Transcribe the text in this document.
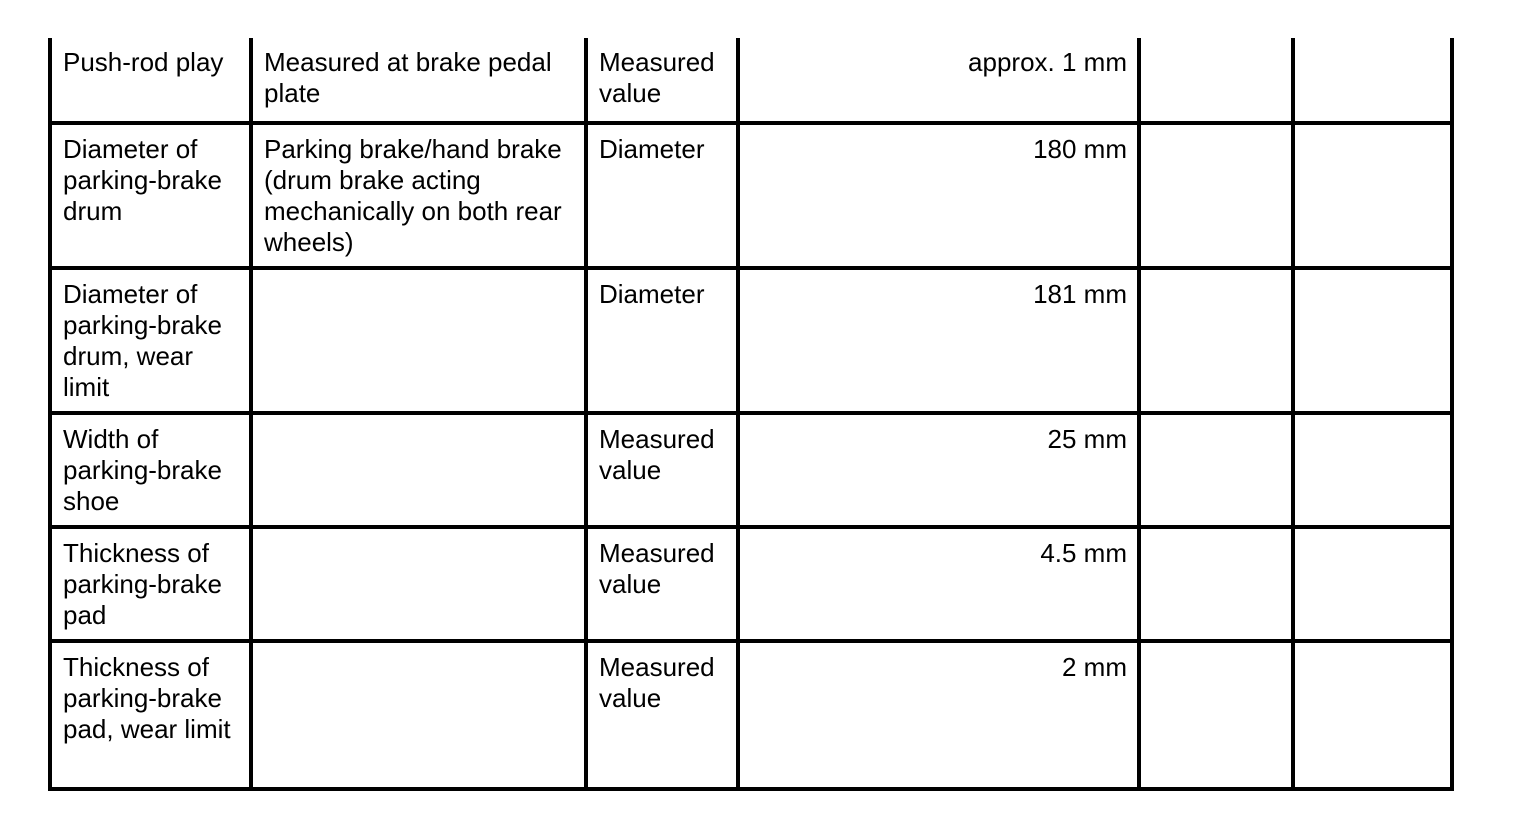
Push-rod play	Measured at brake pedal plate	Measured value	approx. 1 mm		
Diameter of parking-brake drum	Parking brake/hand brake (drum brake acting mechanically on both rear wheels)	Diameter	180 mm		
Diameter of parking-brake drum, wear limit		Diameter	181 mm		
Width of parking-brake shoe		Measured value	25 mm		
Thickness of parking-brake pad		Measured value	4.5 mm		
Thickness of parking-brake pad, wear limit		Measured value	2 mm		
